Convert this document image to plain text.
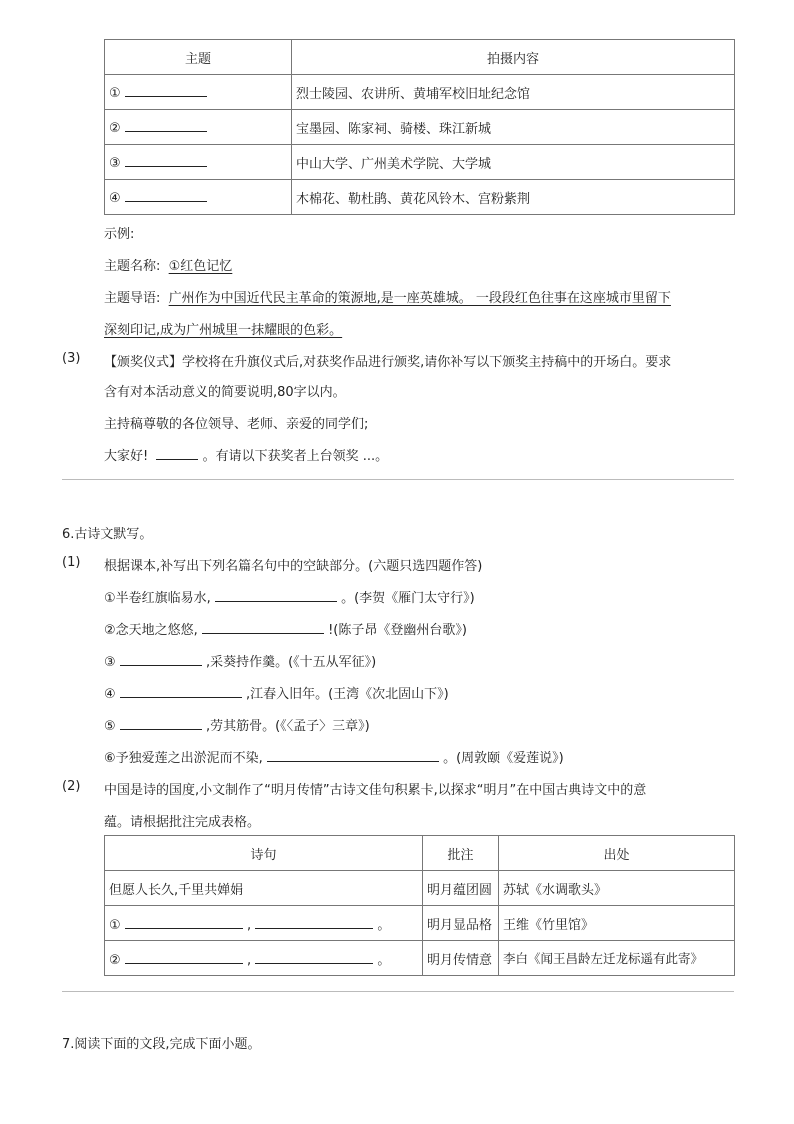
主题	拍摄内容
①	烈士陵园、农讲所、黄埔军校旧址纪念馆
②	宝墨园、陈家祠、骑楼、珠江新城
③	中山大学、广州美术学院、大学城
④	木棉花、勒杜鹃、黄花风铃木、宫粉紫荆
示例:
主题名称: ①红色记忆
主题导语: 广州作为中国近代民主革命的策源地,是一座英雄城。 一段段红色往事在这座城市里留下
深刻印记,成为广州城里一抹耀眼的色彩。
(3) 【颁奖仪式】学校将在升旗仪式后,对获奖作品进行颁奖,请你补写以下颁奖主持稿中的开场白。要求
含有对本活动意义的简要说明,80字以内。
主持稿尊敬的各位领导、老师、亲爱的同学们;
大家好!	。有请以下获奖者上台领奖 ...。
6.古诗文默写。
(1) 根据课本,补写出下列名篇名句中的空缺部分。(六题只选四题作答)
①半卷红旗临易水,	。(李贺《雁门太守行》)
②念天地之悠悠,	!(陈子昂《登幽州台歌》)
③	,采葵持作羹。(《十五从军征》)
④	,江春入旧年。(王湾《次北固山下》)
⑤	,劳其筋骨。(《〈孟子〉三章》)
⑥予独爱莲之出淤泥而不染,	。(周敦颐《爱莲说》)
(2) 中国是诗的国度,小文制作了“明月传情”古诗文佳句积累卡,以探求“明月”在中国古典诗文中的意
蕴。请根据批注完成表格。
诗句	批注	出处
但愿人长久,千里共婵娟	明月蕴团圆	苏轼《水调歌头》
① , 。	明月显品格	王维《竹里馆》
② , 。	明月传情意	李白《闻王昌龄左迁龙标遥有此寄》
7.阅读下面的文段,完成下面小题。
